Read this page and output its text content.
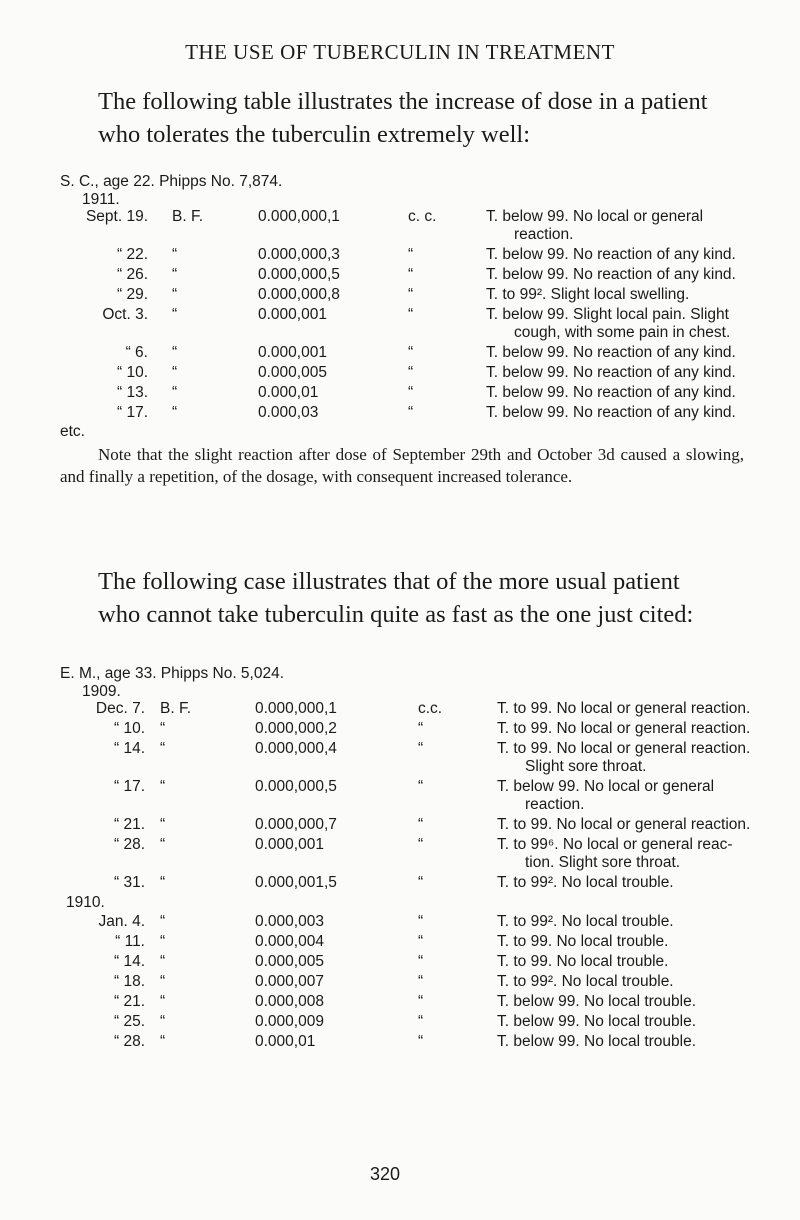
THE USE OF TUBERCULIN IN TREATMENT
The following table illustrates the increase of dose in a patient who tolerates the tuberculin extremely well:
S. C., age 22. Phipps No. 7,874.
1911.
Sept. 19. B. F.	0.000,000,1	c. c.	T. below 99. No local or general
reaction.
“ 22. “	0.000,000,3	“	T. below 99. No reaction of any kind.
“ 26. “	0.000,000,5	“	T. below 99. No reaction of any kind.
“ 29. “	0.000,000,8	“	T. to 99². Slight local swelling.
Oct. 3. “	0.000,001	“	T. below 99. Slight local pain. Slight
cough, with some pain in chest.
“ 6. “	0.000,001	“	T. below 99. No reaction of any kind.
“ 10. “	0.000,005	“	T. below 99. No reaction of any kind.
“ 13. “	0.000,01	“	T. below 99. No reaction of any kind.
“ 17. “	0.000,03	“	T. below 99. No reaction of any kind.
etc.
Note that the slight reaction after dose of September 29th and October 3d caused a slowing, and finally a repetition, of the dosage, with consequent increased tolerance.
The following case illustrates that of the more usual patient who cannot take tuberculin quite as fast as the one just cited:
E. M., age 33. Phipps No. 5,024.
1909.
Dec. 7. B. F.	0.000,000,1	c.c.	T. to 99. No local or general reaction.
“ 10. “	0.000,000,2	“	T. to 99. No local or general reaction.
“ 14. “	0.000,000,4	“	T. to 99. No local or general reaction.
Slight sore throat.
“ 17. “	0.000,000,5	“	T. below 99. No local or general
reaction.
“ 21. “	0.000,000,7	“	T. to 99. No local or general reaction.
“ 28. “	0.000,001	“	T. to 99⁶. No local or general reac-
tion. Slight sore throat.
“ 31. “	0.000,001,5	“	T. to 99². No local trouble.
1910.
Jan. 4. “	0.000,003	“	T. to 99². No local trouble.
“ 11. “	0.000,004	“	T. to 99. No local trouble.
“ 14. “	0.000,005	“	T. to 99. No local trouble.
“ 18. “	0.000,007	“	T. to 99². No local trouble.
“ 21. “	0.000,008	“	T. below 99. No local trouble.
“ 25. “	0.000,009	“	T. below 99. No local trouble.
“ 28. “	0.000,01	“	T. below 99. No local trouble.
320
